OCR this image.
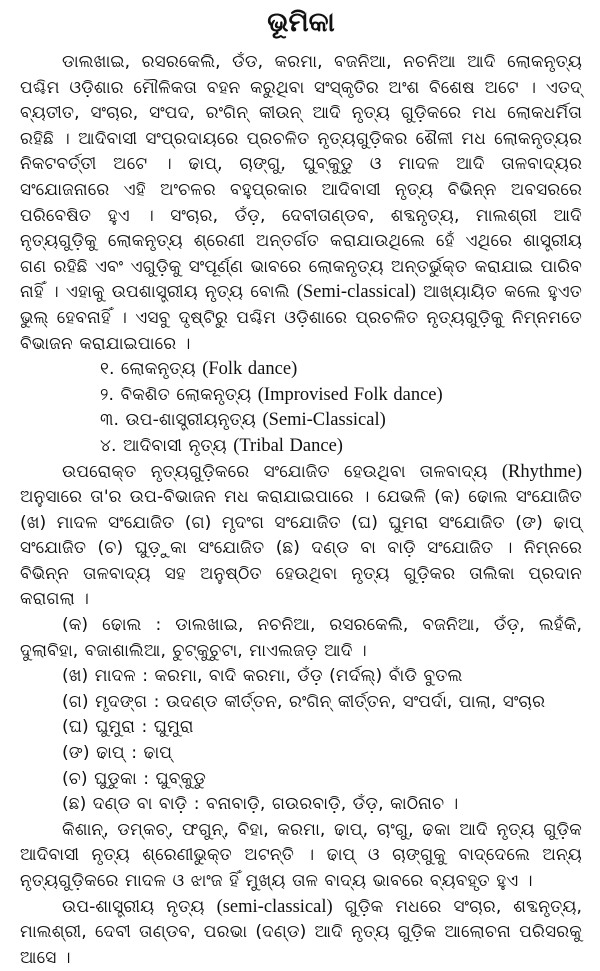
ଭୂମିକା

ଡାଲଖାଇ, ରସରକେଲି, ଡଁଡ, କରମା, ବଜନିଆ, ନଚନିଆ ଆଦି ଲୋକନୃତ୍ୟ ପଶ୍ଚିମ ଓଡ଼ିଶାର ମୌଳିକତା ବହନ କରୁଥିବା ସଂସ୍କୃତିର ଅଂଶ ବିଶେଷ ଅଟେ । ଏତଦ୍ ବ୍ୟତୀତ, ସଂଚାର, ସଂପଦ, ରଂଗିନ୍ କୀଉନ୍ ଆଦି ନୃତ୍ୟ ଗୁଡ଼ିକରେ ମଧ ଲୋକଧର୍ମିତା ରହିଛି । ଆଦିବାସୀ ସଂପ୍ରଦାୟରେ ପ୍ରଚଳିତ ନୃତ୍ୟଗୁଡ଼ିକର ଶୈଳୀ ମଧ ଲୋକନୃତ୍ୟର ନିକଟବର୍ତ୍ତୀ ଅଟେ । ଢାପ୍, ଚାଙ୍ଗୁ, ଘୁବ୍‌କୁଡୁ ଓ ମାଦଳ ଆଦି ତାଳବାଦ୍ୟର ସଂଯୋଜନାରେ ଏହି ଅଂଚଳର ବହୁପ୍ରକାର ଆଦିବାସୀ ନୃତ୍ୟ ବିଭିନ୍ନ ଅବସରରେ ପରିବେଷିତ ହୁଏ । ସଂଚାର, ଡଁଡ଼, ଦେବୀତାଣ୍ଡବ, ଶବ୍ଦନୃତ୍ୟ, ମାଲଶ୍ରୀ ଆଦି ନୃତ୍ୟଗୁଡ଼ିକୁ ଲୋକନୃତ୍ୟ ଶ୍ରେଣୀ ଅନ୍ତର୍ଗତ କରାଯାଉଥିଲେ ହେଁ ଏଥିରେ ଶାସ୍ତ୍ରୀୟ ଗଣ ରହିଛି ଏବଂ ଏଗୁଡ଼ିକୁ ସଂପୂର୍ଣ୍ଣ ଭାବରେ ଲୋକନୃତ୍ୟ ଅନ୍ତର୍ଭୁକ୍ତ କରାଯାଇ ପାରିବ ନାହିଁ । ଏହାକୁ ଉପଶାସ୍ତ୍ରୀୟ ନୃତ୍ୟ ବୋଲି (Semi-classical) ଆଖ୍ୟାୟିତ କଲେ ହୁଏତ ଭୁଲ୍ ହେବନାହିଁ । ଏସବୁ ଦୃଷ୍ଟିରୁ ପଶ୍ଚିମ ଓଡ଼ିଶାରେ ପ୍ରଚଳିତ ନୃତ୍ୟଗୁଡ଼ିକୁ ନିମ୍ନମତେ ବିଭାଜନ କରାଯାଇପାରେ ।

୧. ଲୋକନୃତ୍ୟ (Folk dance)

୨. ବିକଶିତ ଲୋକନୃତ୍ୟ (Improvised Folk dance)

୩. ଉପ-ଶାସ୍ତ୍ରୀୟନୃତ୍ୟ (Semi-Classical)

୪. ଆଦିବାସୀ ନୃତ୍ୟ (Tribal Dance)

ଉପରୋକ୍ତ ନୃତ୍ୟଗୁଡ଼ିକରେ ସଂଯୋଜିତ ହେଉଥିବା ତାଳବାଦ୍ୟ (Rhythme) ଅନୁସାରେ ତା'ର ଉପ-ବିଭାଜନ ମଧ କରାଯାଇପାରେ । ଯେଭଳି (କ) ଢୋଲ ସଂଯୋଜିତ (ଖ) ମାଦଳ ସଂଯୋଜିତ (ଗ) ମୃଦଂଗ ସଂଯୋଜିତ (ଘ) ଘୁମରା ସଂଯୋଜିତ (ଙ) ଢାପ୍ ସଂଯୋଜିତ (ଚ) ଘୁଡ଼ୁକା ସଂଯୋଜିତ (ଛ) ଦଣ୍ଡ ବା ବାଡ଼ି ସଂଯୋଜିତ । ନିମ୍ନରେ ବିଭିନ୍ନ ତାଳବାଦ୍ୟ ସହ ଅନୁଷ୍ଠିତ ହେଉଥିବା ନୃତ୍ୟ ଗୁଡ଼ିକର ତାଲିକା ପ୍ରଦାନ କରାଗଲା ।

(କ) ଢୋଲ : ଡାଲଖାଇ, ନଚନିଆ, ରସରକେଲି, ବଜନିଆ, ଡଁଡ଼, ଲହଁକି, ଦୁଲାବିହା, ବଜାଶାଲିଆ, ଚୁଟ୍‌କୁଚୁଟା, ମାଏଲଜଡ଼ ଆଦି ।

(ଖ) ମାଦଳ : କରମା, ବାଦି କରମା, ଡଁଡ଼ (ମର୍ଦଲ୍) ବାଁଡି ବୁତଲ

(ଗ) ମୃଦଙ୍ଗ : ଉଦଣ୍ଡ କୀର୍ତ୍ତନ, ରଂଗିନ୍ କୀର୍ତ୍ତନ, ସଂପର୍ଦା, ପାଲା, ସଂଚାର

(ଘ) ଘୁମୁରା : ଘୁମୁରା

(ଙ) ଢାପ୍ : ଢାପ୍

(ଚ) ଘୁଡୁକା : ଘୁବ୍‌କୁଡୁ

(ଛ) ଦଣ୍ଡ ବା ବାଡ଼ି : ବନାବାଡ଼ି, ଗଉରବାଡ଼ି, ଡଁଡ଼, କାଠିନାଚ ।

କିଶାନ୍, ଡମ୍‌କଚ୍, ଫଗୁନ୍, ବିହା, କରମା, ଢାପ୍, ଚାଂଗୁ, ଢକା ଆଦି ନୃତ୍ୟ ଗୁଡ଼ିକ ଆଦିବାସୀ ନୃତ୍ୟ ଶ୍ରେଣୀଭୁକ୍ତ ଅଟନ୍ତି । ଢାପ୍ ଓ ଚାଙ୍ଗୁକୁ ବାଦ୍‌ଦେଲେ ଅନ୍ୟ ନୃତ୍ୟଗୁଡ଼ିକରେ ମାଦଳ ଓ ଝାଂଜ ହିଁ ମୁଖ୍ୟ ତାଳ ବାଦ୍ୟ ଭାବରେ ବ୍ୟବହୃତ ହୁଏ ।

ଉପ-ଶାସ୍ତ୍ରୀୟ ନୃତ୍ୟ (semi-classical) ଗୁଡ଼ିକ ମଧରେ ସଂଚାର, ଶବ୍ଦନୃତ୍ୟ, ମାଲଶ୍ରୀ, ଦେବୀ ତାଣ୍ଡବ, ପରଭା (ଦଣ୍ଡ) ଆଦି ନୃତ୍ୟ ଗୁଡ଼ିକ ଆଲୋଚନା ପରିସରକୁ ଆସେ ।
